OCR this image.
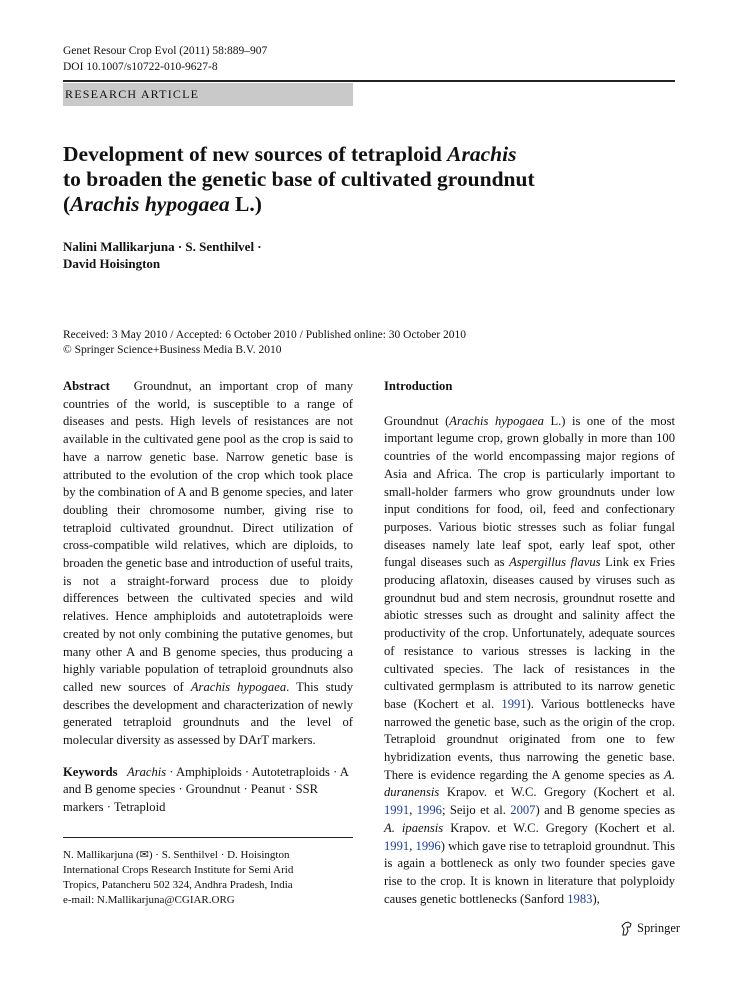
Genet Resour Crop Evol (2011) 58:889–907
DOI 10.1007/s10722-010-9627-8
RESEARCH ARTICLE
Development of new sources of tetraploid Arachis
to broaden the genetic base of cultivated groundnut
(Arachis hypogaea L.)
Nalini Mallikarjuna · S. Senthilvel ·
David Hoisington
Received: 3 May 2010 / Accepted: 6 October 2010 / Published online: 30 October 2010
© Springer Science+Business Media B.V. 2010

Abstract Groundnut, an important crop of many countries of the world, is susceptible to a range of diseases and pests. High levels of resistances are not available in the cultivated gene pool as the crop is said to have a narrow genetic base. Narrow genetic base is attributed to the evolution of the crop which took place by the combination of A and B genome species, and later doubling their chromosome number, giving rise to tetraploid cultivated groundnut. Direct utilization of cross-compatible wild relatives, which are diploids, to broaden the genetic base and introduction of useful traits, is not a straight-forward process due to ploidy differences between the cultivated species and wild relatives. Hence amphiploids and autotetraploids were created by not only combining the putative genomes, but many other A and B genome species, thus producing a highly variable population of tetraploid groundnuts also called new sources of Arachis hypogaea. This study describes the development and characterization of newly generated tetraploid groundnuts and the level of molecular diversity as assessed by DArT markers.

Keywords Arachis · Amphiploids · Autotetraploids · A and B genome species · Groundnut · Peanut · SSR markers · Tetraploid

N. Mallikarjuna (✉) · S. Senthilvel · D. Hoisington
International Crops Research Institute for Semi Arid
Tropics, Patancheru 502 324, Andhra Pradesh, India
e-mail: N.Mallikarjuna@CGIAR.ORG
Introduction

Groundnut (Arachis hypogaea L.) is one of the most important legume crop, grown globally in more than 100 countries of the world encompassing major regions of Asia and Africa. The crop is particularly important to small-holder farmers who grow groundnuts under low input conditions for food, oil, feed and confectionary purposes. Various biotic stresses such as foliar fungal diseases namely late leaf spot, early leaf spot, other fungal diseases such as Aspergillus flavus Link ex Fries producing aflatoxin, diseases caused by viruses such as groundnut bud and stem necrosis, groundnut rosette and abiotic stresses such as drought and salinity affect the productivity of the crop. Unfortunately, adequate sources of resistance to various stresses is lacking in the cultivated species. The lack of resistances in the cultivated germplasm is attributed to its narrow genetic base (Kochert et al. 1991). Various bottlenecks have narrowed the genetic base, such as the origin of the crop. Tetraploid groundnut originated from one to few hybridization events, thus narrowing the genetic base. There is evidence regarding the A genome species as A. duranensis Krapov. et W.C. Gregory (Kochert et al. 1991, 1996; Seijo et al. 2007) and B genome species as A. ipaensis Krapov. et W.C. Gregory (Kochert et al. 1991, 1996) which gave rise to tetraploid groundnut. This is again a bottleneck as only two founder species gave rise to the crop. It is known in literature that polyploidy causes genetic bottlenecks (Sanford 1983),

Springer
